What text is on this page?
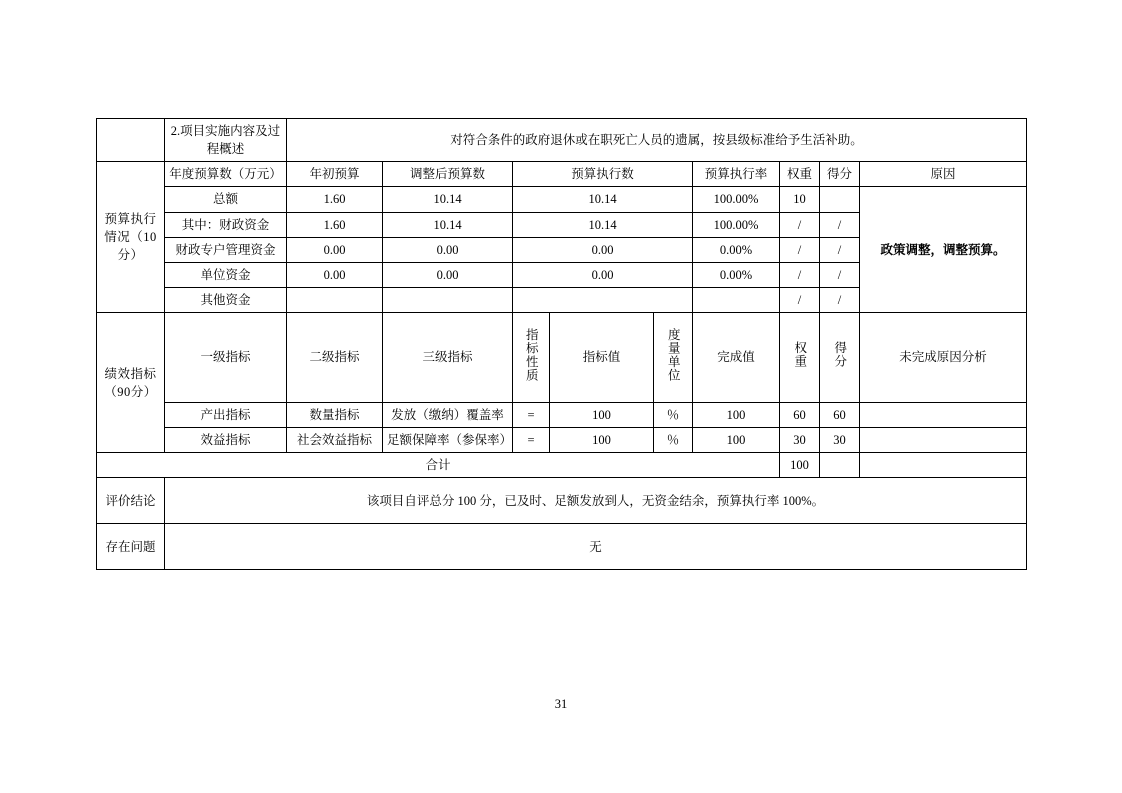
	2.项目实施内容及过程概述	对符合条件的政府退休或在职死亡人员的遗属，按县级标准给予生活补助。								

预算执行情况（10分）	年度预算数（万元）	年初预算	调整后预算数	预算执行数			预算执行率	权重	得分	原因
	总额	1.60	10.14	10.14			100.00%	10		政策调整，调整预算。
	其中：财政资金	1.60	10.14	10.14			100.00%	/	/	
	财政专户管理资金	0.00	0.00	0.00			0.00%	/	/	
	单位资金	0.00	0.00	0.00			0.00%	/	/	
	其他资金							/	/	

绩效指标（90分）	一级指标	二级指标	三级指标	指标性质	指标值	度量单位	完成值	权重	得分	未完成原因分析
	产出指标	数量指标	发放（缴纳）覆盖率	=	100	％	100	60	60	
	效益指标	社会效益指标	足额保障率（参保率）	=	100	％	100	30	30	
合计								100		
评价结论	该项目自评总分 100 分，已及时、足额发放到人，无资金结余，预算执行率 100%。									
存在问题	无									
31
